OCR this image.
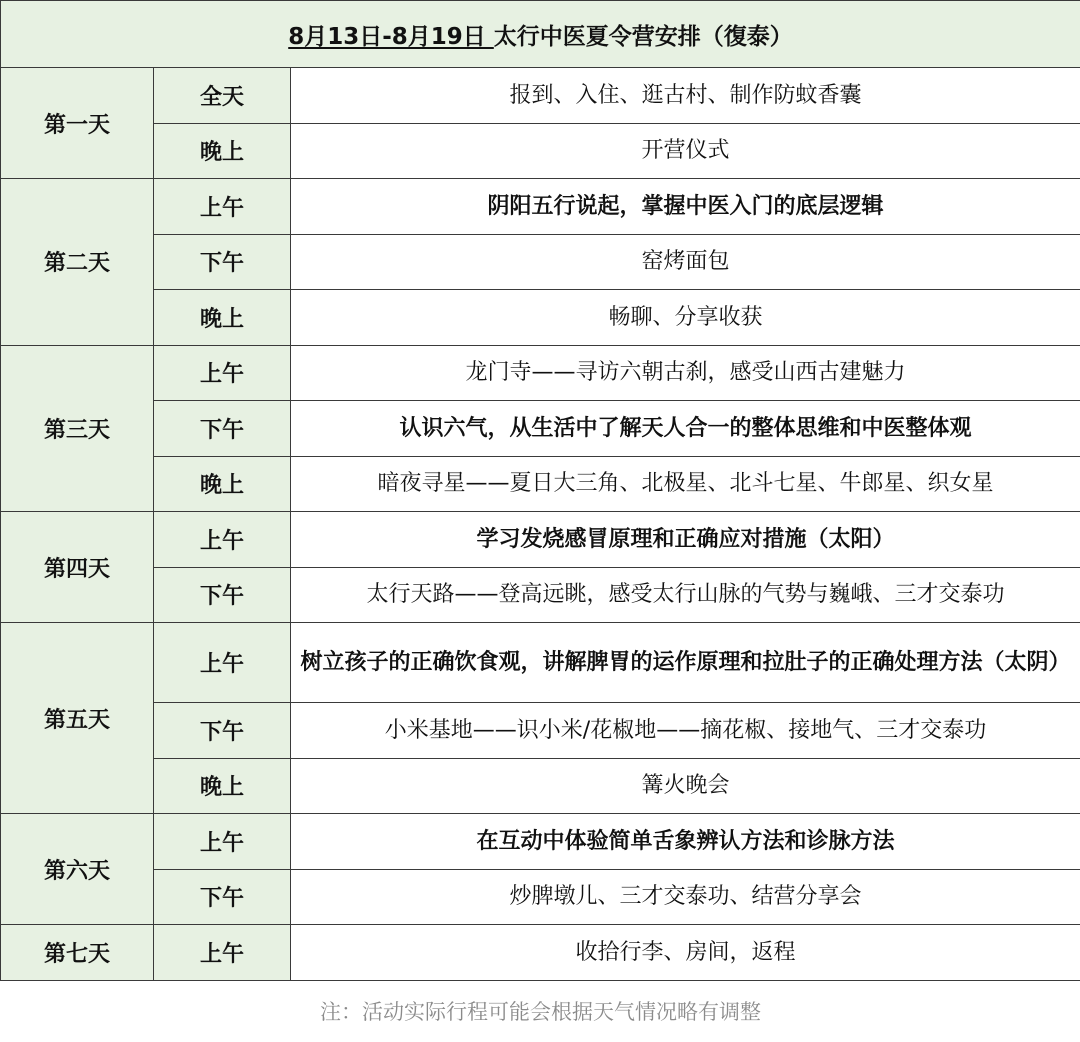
8月13日-8月19日 太行中医夏令营安排（復泰）		
第一天	全天	报到、入住、逛古村、制作防蚊香囊
	晚上	开营仪式
第二天	上午	阴阳五行说起，掌握中医入门的底层逻辑
	下午	窑烤面包
	晚上	畅聊、分享收获
第三天	上午	龙门寺——寻访六朝古刹，感受山西古建魅力
	下午	认识六气，从生活中了解天人合一的整体思维和中医整体观
	晚上	暗夜寻星——夏日大三角、北极星、北斗七星、牛郎星、织女星
第四天	上午	学习发烧感冒原理和正确应对措施（太阳）
	下午	太行天路——登高远眺，感受太行山脉的气势与巍峨、三才交泰功
第五天	上午	树立孩子的正确饮食观，讲解脾胃的运作原理和拉肚子的正确处理方法（太阴）
	下午	小米基地——识小米/花椒地——摘花椒、接地气、三才交泰功
	晚上	篝火晚会
第六天	上午	在互动中体验简单舌象辨认方法和诊脉方法
	下午	炒脾墩儿、三才交泰功、结营分享会
第七天	上午	收拾行李、房间，返程
注：活动实际行程可能会根据天气情况略有调整		
